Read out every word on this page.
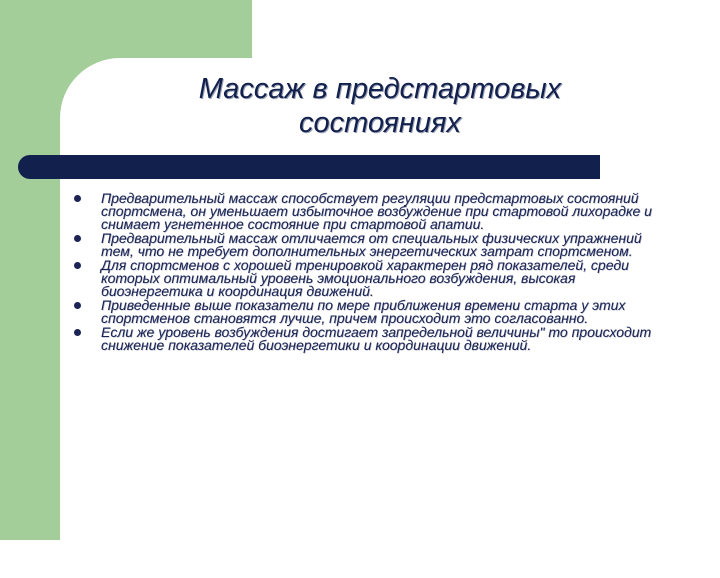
Массаж в предстартовых
состояниях
Предварительный массаж способствует регуляции предстартовых состояний спортсмена, он уменьшает избыточное возбуждение при стартовой лихорадке и снимает угнетенное состояние при стартовой апатии.
Предварительный массаж отличается от специальных физических упражнений тем, что не требует дополнительных энергетических затрат спортсменом.
Для спортсменов с хорошей тренировкой характерен ряд показателей, среди которых оптимальный уровень эмоционального возбуждения, высокая биоэнергетика и координация движений.
Приведенные выше показатели по мере приближения времени старта у этих спортсменов становятся лучше, причем происходит это согласованно.
Если же уровень возбуждения достигает запредельной величины" то происходит снижение показателей биоэнергетики и координации движений.
